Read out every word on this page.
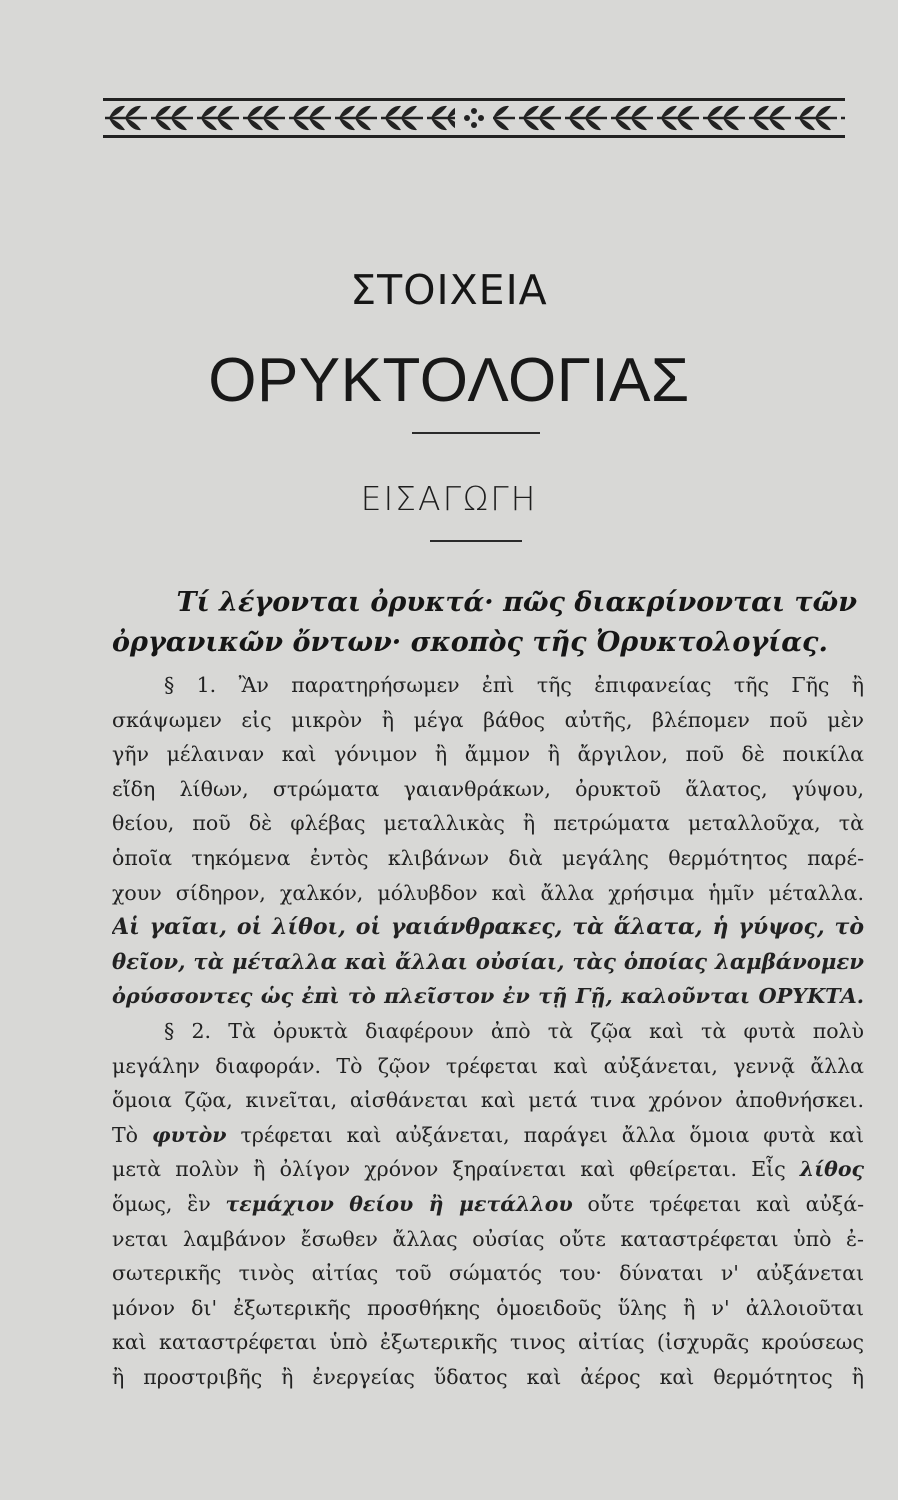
ΣΤΟΙΧΕΙΑ
ΟΡΥΚΤΟΛΟΓΙΑΣ
ΕΙΣΑΓΩΓΗ
Τί λέγονται ὀρυκτά· πῶς διακρίνονται τῶν
ὀργανικῶν ὄντων· σκοπὸς τῆς Ὀρυκτολογίας.
§ 1. Ἂν παρατηρήσωμεν ἐπὶ τῆς ἐπιφανείας τῆς Γῆς ἢ
σκάψωμεν εἰς μικρὸν ἢ μέγα βάθος αὐτῆς, βλέπομεν ποῦ μὲν
γῆν μέλαιναν καὶ γόνιμον ἢ ἄμμον ἢ ἄργιλον, ποῦ δὲ ποικίλα
εἴδη λίθων, στρώματα γαιανθράκων, ὀρυκτοῦ ἅλατος, γύψου,
θείου, ποῦ δὲ φλέβας μεταλλικὰς ἢ πετρώματα μεταλλοῦχα, τὰ
ὁποῖα τηκόμενα ἐντὸς κλιβάνων διὰ μεγάλης θερμότητος παρέ-
χουν σίδηρον, χαλκόν, μόλυβδον καὶ ἄλλα χρήσιμα ἡμῖν μέταλλα.
Αἱ γαῖαι, οἱ λίθοι, οἱ γαιάνθρακες, τὰ ἅλατα, ἡ γύψος, τὸ
θεῖον, τὰ μέταλλα καὶ ἄλλαι οὐσίαι, τὰς ὁποίας λαμβάνομεν
ὀρύσσοντες ὡς ἐπὶ τὸ πλεῖστον ἐν τῇ Γῇ, καλοῦνται ΟΡΥΚΤΑ.
§ 2. Τὰ ὀρυκτὰ διαφέρουν ἀπὸ τὰ ζῷα καὶ τὰ φυτὰ πολὺ
μεγάλην διαφοράν. Τὸ ζῷον τρέφεται καὶ αὐξάνεται, γεννᾷ ἄλλα
ὅμοια ζῷα, κινεῖται, αἰσθάνεται καὶ μετά τινα χρόνον ἀποθνήσκει.
Τὸ φυτὸν τρέφεται καὶ αὐξάνεται, παράγει ἄλλα ὅμοια φυτὰ καὶ
μετὰ πολὺν ἢ ὀλίγον χρόνον ξηραίνεται καὶ φθείρεται. Εἷς λίθος
ὅμως, ἓν τεμάχιον θείου ἢ μετάλλου οὔτε τρέφεται καὶ αὐξά-
νεται λαμβάνον ἔσωθεν ἄλλας οὐσίας οὔτε καταστρέφεται ὑπὸ ἐ-
σωτερικῆς τινὸς αἰτίας τοῦ σώματός του· δύναται ν' αὐξάνεται
μόνον δι' ἐξωτερικῆς προσθήκης ὁμοειδοῦς ὕλης ἢ ν' ἀλλοιοῦται
καὶ καταστρέφεται ὑπὸ ἐξωτερικῆς τινος αἰτίας (ἰσχυρᾶς κρούσεως
ἢ προστριβῆς ἢ ἐνεργείας ὕδατος καὶ ἀέρος καὶ θερμότητος ἢ
